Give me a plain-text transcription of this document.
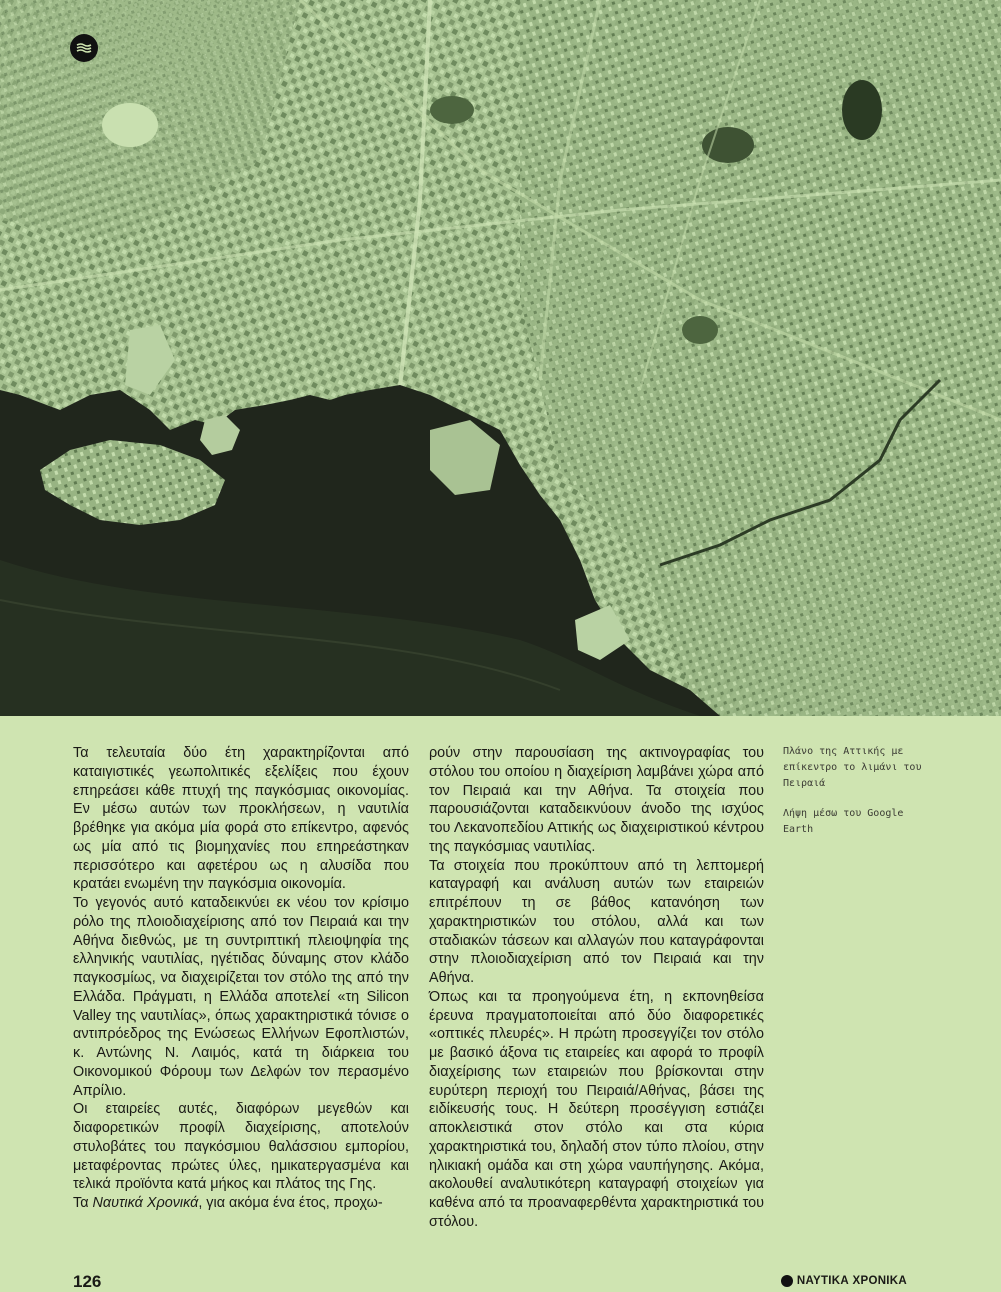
Τα τελευταία δύο έτη χαρακτηρίζονται από καταιγιστικές γεωπολιτικές εξελίξεις που έχουν επηρεάσει κάθε πτυχή της παγκόσμιας οικονομίας. Εν μέσω αυτών των προκλήσεων, η ναυτιλία βρέθηκε για ακόμα μία φορά στο επίκεντρο, αφενός ως μία από τις βιομηχανίες που επηρεάστηκαν περισσότερο και αφετέρου ως η αλυσίδα που κρατάει ενωμένη την παγκόσμια οικονομία.

Το γεγονός αυτό καταδεικνύει εκ νέου τον κρίσιμο ρόλο της πλοιοδιαχείρισης από τον Πειραιά και την Αθήνα διεθνώς, με τη συντριπτική πλειοψηφία της ελληνικής ναυτιλίας, ηγέτιδας δύναμης στον κλάδο παγκοσμίως, να διαχειρίζεται τον στόλο της από την Ελλάδα. Πράγματι, η Ελλάδα αποτελεί «τη Silicon Valley της ναυτιλίας», όπως χαρακτηριστικά τόνισε ο αντιπρόεδρος της Ενώσεως Ελλήνων Εφοπλιστών, κ. Αντώνης Ν. Λαιμός, κατά τη διάρκεια του Οικονομικού Φόρουμ των Δελφών τον περασμένο Απρίλιο.

Οι εταιρείες αυτές, διαφόρων μεγεθών και διαφορετικών προφίλ διαχείρισης, αποτελούν στυλοβάτες του παγκόσμιου θαλάσσιου εμπορίου, μεταφέροντας πρώτες ύλες, ημικατεργασμένα και τελικά προϊόντα κατά μήκος και πλάτος της Γης.

Τα Ναυτικά Χρονικά, για ακόμα ένα έτος, προχω-

ρούν στην παρουσίαση της ακτινογραφίας του στόλου του οποίου η διαχείριση λαμβάνει χώρα από τον Πειραιά και την Αθήνα. Τα στοιχεία που παρουσιάζονται καταδεικνύουν άνοδο της ισχύος του Λεκανοπεδίου Αττικής ως διαχειριστικού κέντρου της παγκόσμιας ναυτιλίας.

Τα στοιχεία που προκύπτουν από τη λεπτομερή καταγραφή και ανάλυση αυτών των εταιρειών επιτρέπουν τη σε βάθος κατανόηση των χαρακτηριστικών του στόλου, αλλά και των σταδιακών τάσεων και αλλαγών που καταγράφονται στην πλοιοδιαχείριση από τον Πειραιά και την Αθήνα.

Όπως και τα προηγούμενα έτη, η εκπονηθείσα έρευνα πραγματοποιείται από δύο διαφορετικές «οπτικές πλευρές». Η πρώτη προσεγγίζει τον στόλο με βασικό άξονα τις εταιρείες και αφορά το προφίλ διαχείρισης των εταιρειών που βρίσκονται στην ευρύτερη περιοχή του Πειραιά/Αθήνας, βάσει της ειδίκευσής τους. Η δεύτερη προσέγγιση εστιάζει αποκλειστικά στον στόλο και στα κύρια χαρακτηριστικά του, δηλαδή στον τύπο πλοίου, στην ηλικιακή ομάδα και στη χώρα ναυπήγησης. Ακόμα, ακολουθεί αναλυτικότερη καταγραφή στοιχείων για καθένα από τα προαναφερθέντα χαρακτηριστικά του στόλου.

Πλάνο της Αττικής με επίκεντρο το λιμάνι του Πειραιά

Λήψη μέσω του Google Earth

126	ΝΑΥΤΙΚΑ ΧΡΟΝΙΚΑ
